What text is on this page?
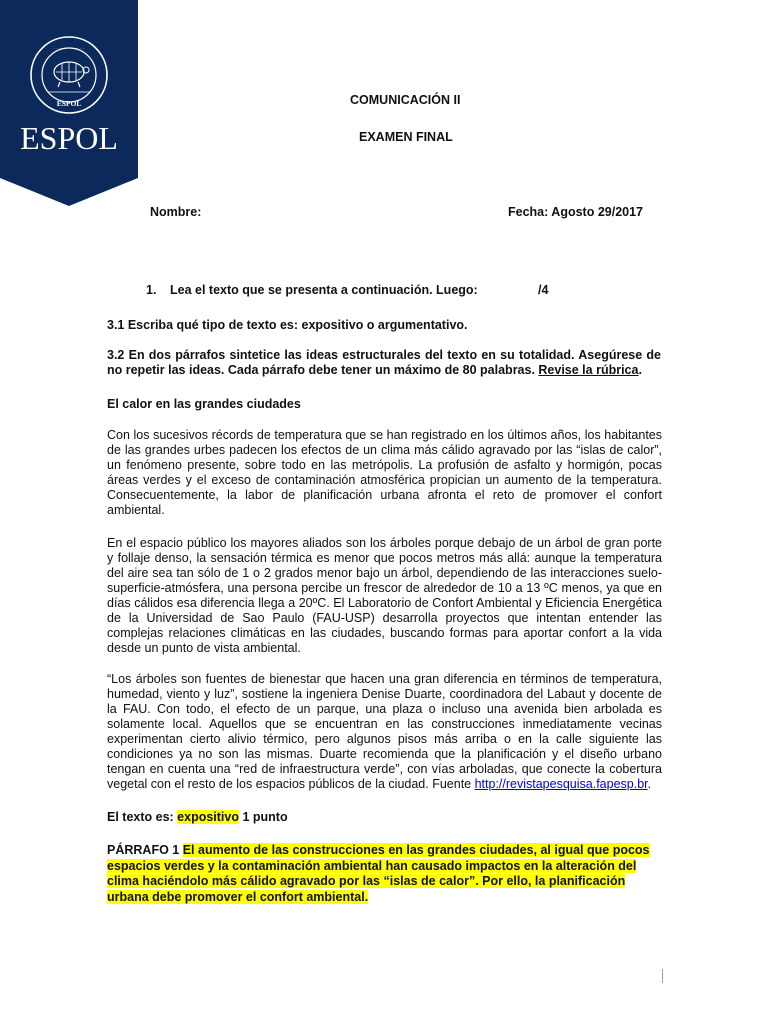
· · · · · · · · · · ·
ESPOL
ESPOL
COMUNICACIÓN II
EXAMEN FINAL
Nombre:	Fecha: Agosto 29/2017
1. Lea el texto que se presenta a continuación. Luego:	/4
3.1 Escriba qué tipo de texto es: expositivo o argumentativo.
3.2 En dos párrafos sintetice las ideas estructurales del texto en su totalidad. Asegúrese de no repetir las ideas. Cada párrafo debe tener un máximo de 80 palabras. Revise la rúbrica.
El calor en las grandes ciudades
Con los sucesivos récords de temperatura que se han registrado en los últimos años, los habitantes de las grandes urbes padecen los efectos de un clima más cálido agravado por las “islas de calor”, un fenómeno presente, sobre todo en las metrópolis. La profusión de asfalto y hormigón, pocas áreas verdes y el exceso de contaminación atmosférica propician un aumento de la temperatura. Consecuentemente, la labor de planificación urbana afronta el reto de promover el confort ambiental.
En el espacio público los mayores aliados son los árboles porque debajo de un árbol de gran porte y follaje denso, la sensación térmica es menor que pocos metros más allá: aunque la temperatura del aire sea tan sólo de 1 o 2 grados menor bajo un árbol, dependiendo de las interacciones suelo-superficie-atmósfera, una persona percibe un frescor de alrededor de 10 a 13 ºC menos, ya que en días cálidos esa diferencia llega a 20ºC. El Laboratorio de Confort Ambiental y Eficiencia Energética de la Universidad de Sao Paulo (FAU-USP) desarrolla proyectos que intentan entender las complejas relaciones climáticas en las ciudades, buscando formas para aportar confort a la vida desde un punto de vista ambiental.
“Los árboles son fuentes de bienestar que hacen una gran diferencia en términos de temperatura, humedad, viento y luz”, sostiene la ingeniera Denise Duarte, coordinadora del Labaut y docente de la FAU. Con todo, el efecto de un parque, una plaza o incluso una avenida bien arbolada es solamente local. Aquellos que se encuentran en las construcciones inmediatamente vecinas experimentan cierto alivio térmico, pero algunos pisos más arriba o en la calle siguiente las condiciones ya no son las mismas. Duarte recomienda que la planificación y el diseño urbano tengan en cuenta una “red de infraestructura verde”, con vías arboladas, que conecte la cobertura vegetal con el resto de los espacios públicos de la ciudad. Fuente http://revistapesquisa.fapesp.br.
El texto es: expositivo 1 punto
PÁRRAFO 1 El aumento de las construcciones en las grandes ciudades, al igual que pocos espacios verdes y la contaminación ambiental han causado impactos en la alteración del clima haciéndolo más cálido agravado por las “islas de calor”. Por ello, la planificación urbana debe promover el confort ambiental.
